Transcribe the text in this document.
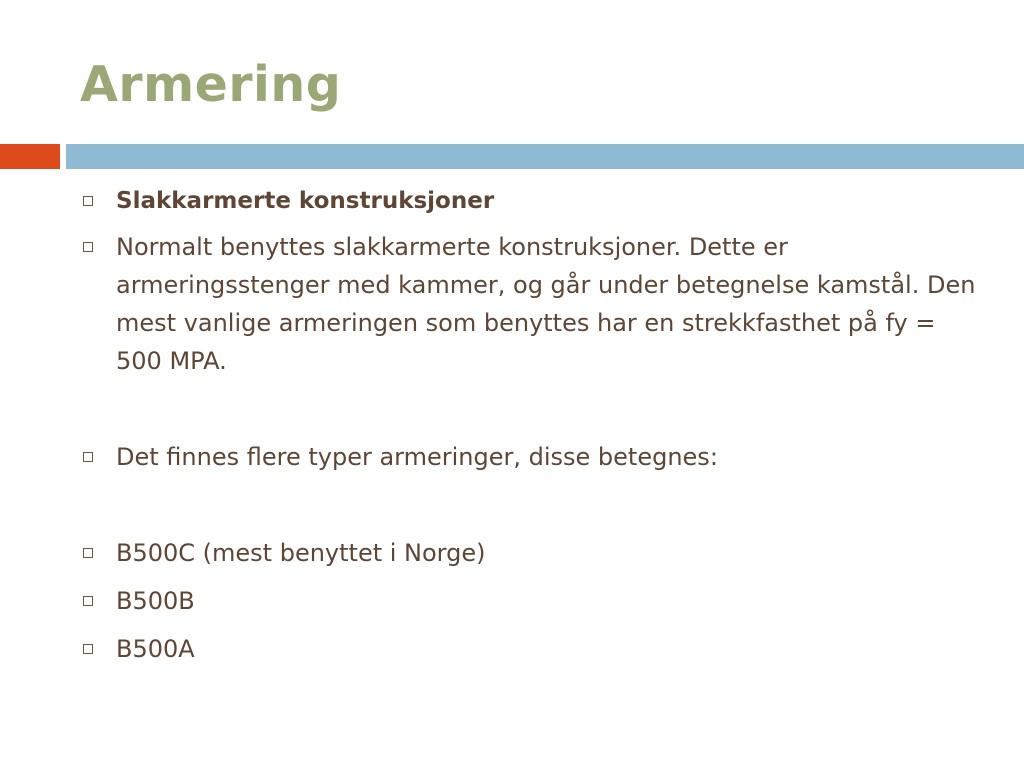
Armering
Slakkarmerte konstruksjoner
Normalt benyttes slakkarmerte konstruksjoner. Dette er armeringsstenger med kammer, og går under betegnelse kamstål. Den mest vanlige armeringen som benyttes har en strekkfasthet på fy = 500 MPA.
Det finnes flere typer armeringer, disse betegnes:
B500C (mest benyttet i Norge)
B500B
B500A
